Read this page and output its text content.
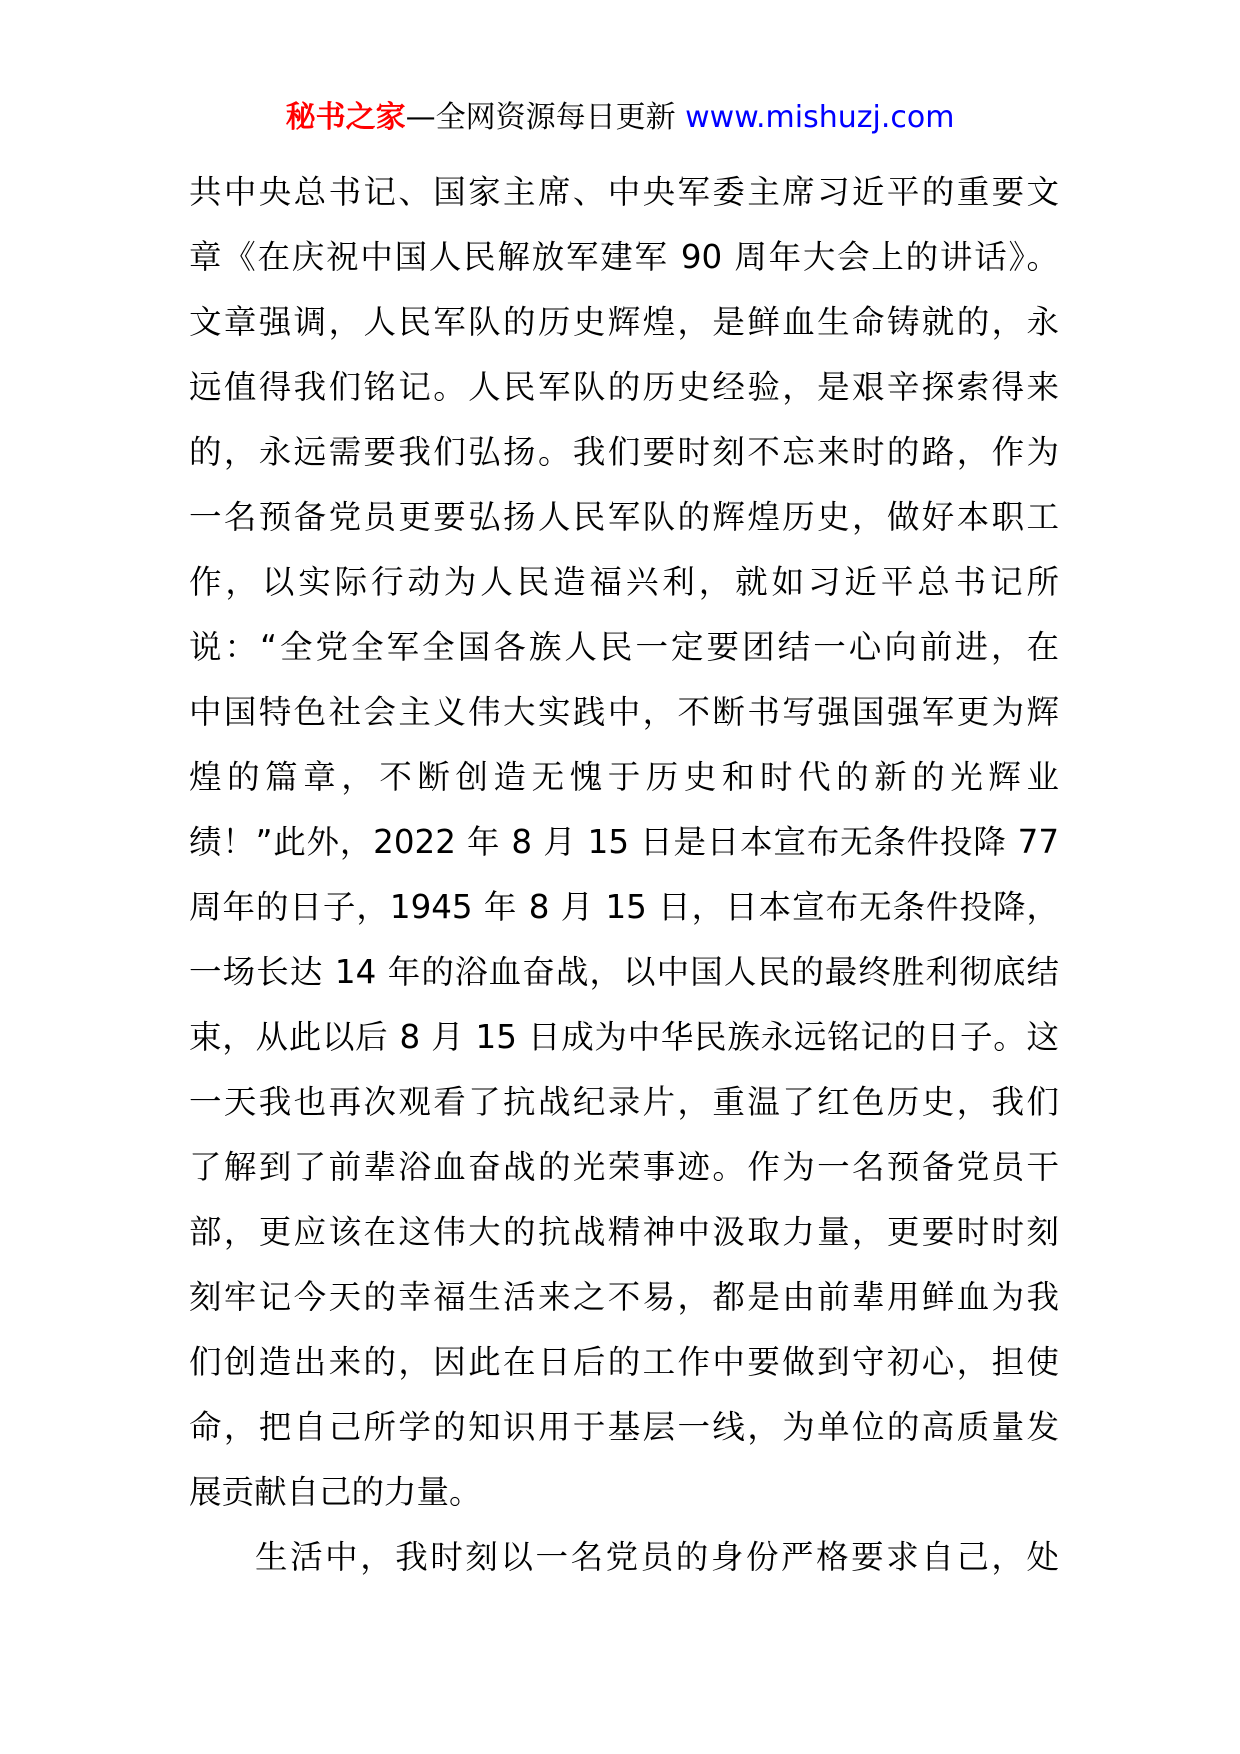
秘书之家—全网资源每日更新 www.mishuzj.com
共中央总书记、国家主席、中央军委主席习近平的重要文
章《在庆祝中国人民解放军建军 90 周年大会上的讲话》。
文章强调，人民军队的历史辉煌，是鲜血生命铸就的，永
远值得我们铭记。人民军队的历史经验，是艰辛探索得来
的，永远需要我们弘扬。我们要时刻不忘来时的路，作为
一名预备党员更要弘扬人民军队的辉煌历史，做好本职工
作，以实际行动为人民造福兴利，就如习近平总书记所
说：“全党全军全国各族人民一定要团结一心向前进，在
中国特色社会主义伟大实践中，不断书写强国强军更为辉
煌的篇章，不断创造无愧于历史和时代的新的光辉业
绩！”此外，2022 年 8 月 15 日是日本宣布无条件投降 77
周年的日子，1945 年 8 月 15 日，日本宣布无条件投降，
一场长达 14 年的浴血奋战，以中国人民的最终胜利彻底结
束，从此以后 8 月 15 日成为中华民族永远铭记的日子。这
一天我也再次观看了抗战纪录片，重温了红色历史，我们
了解到了前辈浴血奋战的光荣事迹。作为一名预备党员干
部，更应该在这伟大的抗战精神中汲取力量，更要时时刻
刻牢记今天的幸福生活来之不易，都是由前辈用鲜血为我
们创造出来的，因此在日后的工作中要做到守初心，担使
命，把自己所学的知识用于基层一线，为单位的高质量发
展贡献自己的力量。
生活中，我时刻以一名党员的身份严格要求自己，处
